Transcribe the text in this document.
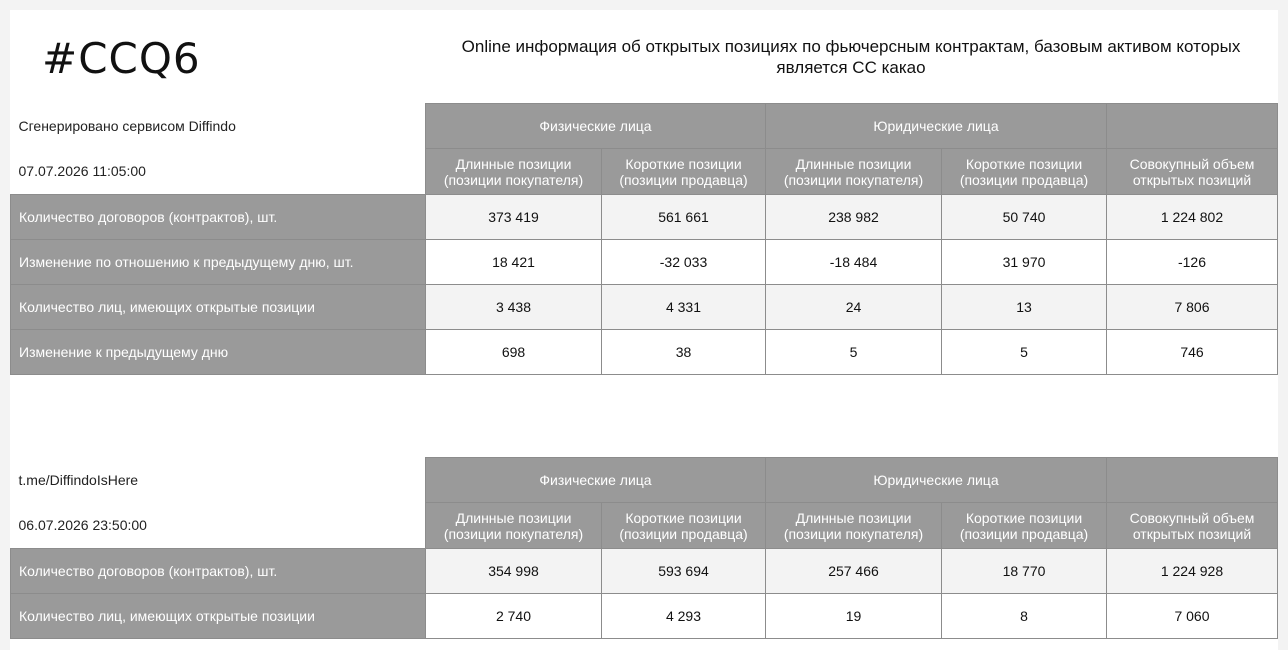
#CCQ6	Online информация об открытых позициях по фьючерсным контрактам, базовым активом которых является CC какао
Сгенерировано сервисом Diffindo	Физические лица		Юридические лица		
07.07.2026 11:05:00	Длинные позиции (позиции покупателя)	Короткие позиции (позиции продавца)	Длинные позиции (позиции покупателя)	Короткие позиции (позиции продавца)	Совокупный объем открытых позиций
Количество договоров (контрактов), шт.	373 419	561 661	238 982	50 740	1 224 802
Изменение по отношению к предыдущему дню, шт.	18 421	-32 033	-18 484	31 970	-126
Количество лиц, имеющих открытые позиции	3 438	4 331	24	13	7 806
Изменение к предыдущему дню	698	38	5	5	746
t.me/DiffindoIsHere	Физические лица		Юридические лица		
06.07.2026 23:50:00	Длинные позиции (позиции покупателя)	Короткие позиции (позиции продавца)	Длинные позиции (позиции покупателя)	Короткие позиции (позиции продавца)	Совокупный объем открытых позиций
Количество договоров (контрактов), шт.	354 998	593 694	257 466	18 770	1 224 928
Количество лиц, имеющих открытые позиции	2 740	4 293	19	8	7 060
